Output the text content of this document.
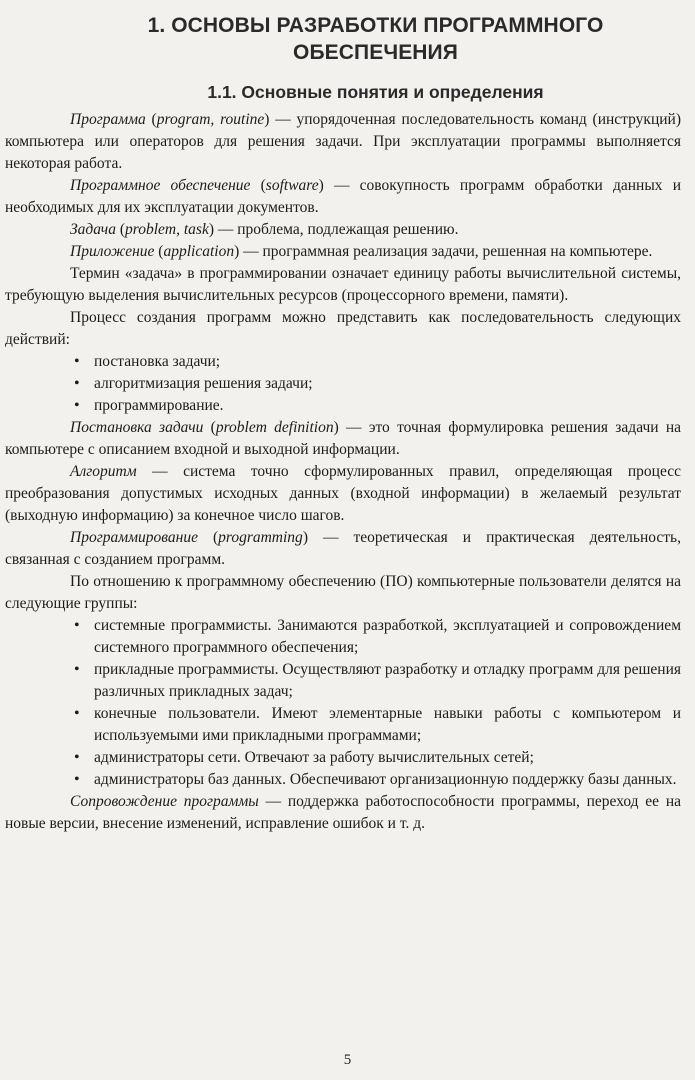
1. ОСНОВЫ РАЗРАБОТКИ ПРОГРАММНОГО ОБЕСПЕЧЕНИЯ
1.1. Основные понятия и определения

Программа (program, routine) — упорядоченная последовательность команд (инструкций) компьютера или операторов для решения задачи. При эксплуатации программы выполняется некоторая работа.

Программное обеспечение (software) — совокупность программ обработки данных и необходимых для их эксплуатации документов.

Задача (problem, task) — проблема, подлежащая решению.

Приложение (application) — программная реализация задачи, решенная на компьютере.

Термин «задача» в программировании означает единицу работы вычислительной системы, требующую выделения вычислительных ресурсов (процессорного времени, памяти).

Процесс создания программ можно представить как последовательность следующих действий:

• постановка задачи;
• алгоритмизация решения задачи;
• программирование.

Постановка задачи (problem definition) — это точная формулировка решения задачи на компьютере с описанием входной и выходной информации.

Алгоритм — система точно сформулированных правил, определяющая процесс преобразования допустимых исходных данных (входной информации) в желаемый результат (выходную информацию) за конечное число шагов.

Программирование (programming) — теоретическая и практическая деятельность, связанная с созданием программ.

По отношению к программному обеспечению (ПО) компьютерные пользователи делятся на следующие группы:

• системные программисты. Занимаются разработкой, эксплуатацией и сопровождением системного программного обеспечения;
• прикладные программисты. Осуществляют разработку и отладку программ для решения различных прикладных задач;
• конечные пользователи. Имеют элементарные навыки работы с компьютером и используемыми ими прикладными программами;
• администраторы сети. Отвечают за работу вычислительных сетей;
• администраторы баз данных. Обеспечивают организационную поддержку базы данных.

Сопровождение программы — поддержка работоспособности программы, переход ее на новые версии, внесение изменений, исправление ошибок и т. д.

5
